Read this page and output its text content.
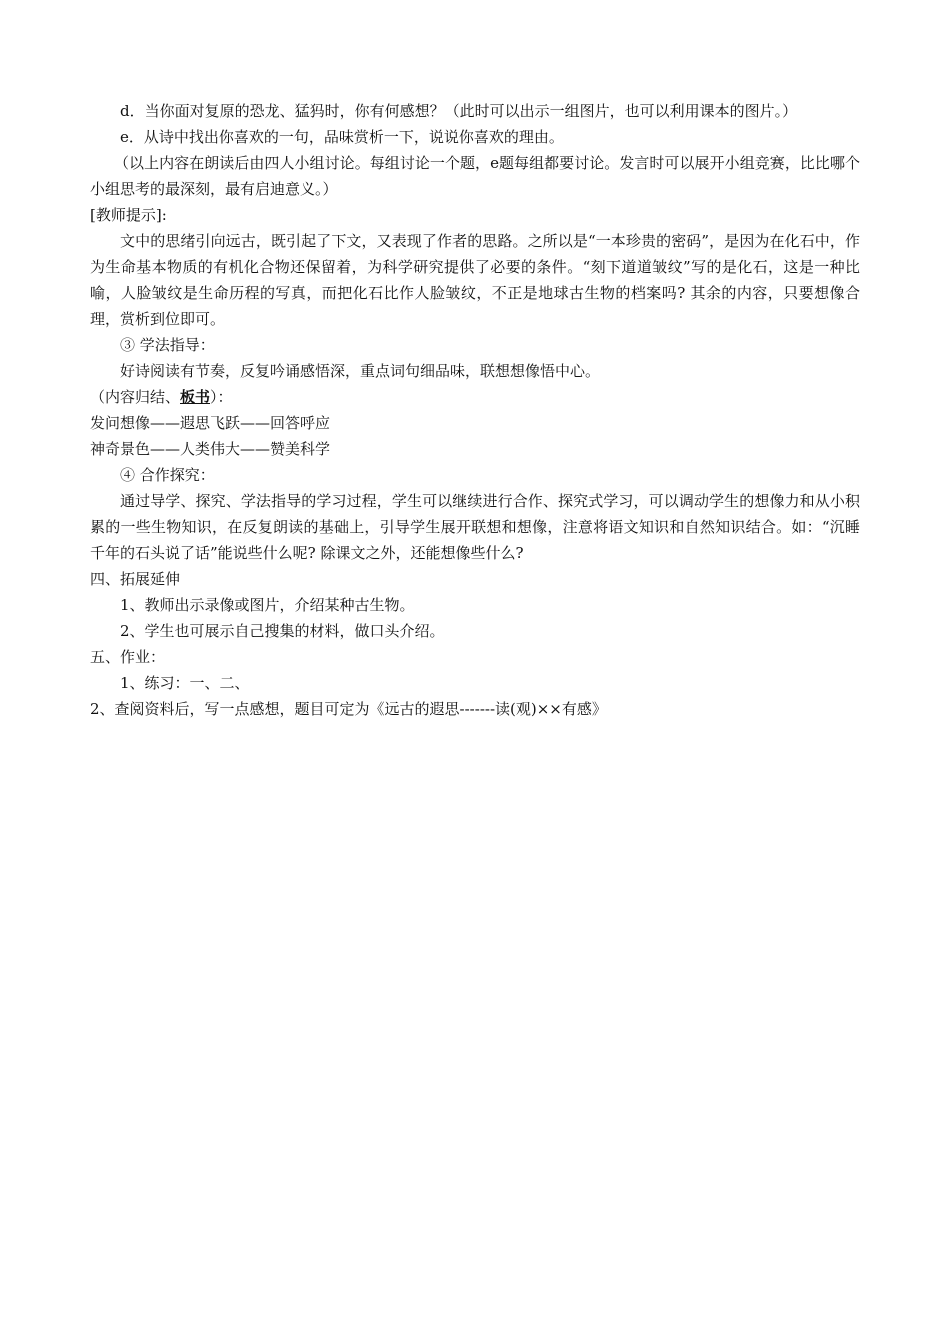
d．当你面对复原的恐龙、猛犸时，你有何感想？（此时可以出示一组图片，也可以利用课本的图片。）

e．从诗中找出你喜欢的一句，品味赏析一下，说说你喜欢的理由。

（以上内容在朗读后由四人小组讨论。每组讨论一个题，e题每组都要讨论。发言时可以展开小组竞赛，比比哪个小组思考的最深刻，最有启迪意义。）

[教师提示]:

文中的思绪引向远古，既引起了下文，又表现了作者的思路。之所以是“一本珍贵的密码”，是因为在化石中，作为生命基本物质的有机化合物还保留着，为科学研究提供了必要的条件。“刻下道道皱纹”写的是化石，这是一种比喻，人脸皱纹是生命历程的写真，而把化石比作人脸皱纹，不正是地球古生物的档案吗? 其余的内容，只要想像合理，赏析到位即可。

③ 学法指导：

好诗阅读有节奏，反复吟诵感悟深，重点词句细品味，联想想像悟中心。

（内容归结、板书）：

发问想像——遐思飞跃——回答呼应

神奇景色——人类伟大——赞美科学

④ 合作探究：

通过导学、探究、学法指导的学习过程，学生可以继续进行合作、探究式学习，可以调动学生的想像力和从小积累的一些生物知识，在反复朗读的基础上，引导学生展开联想和想像，注意将语文知识和自然知识结合。如：“沉睡千年的石头说了话”能说些什么呢? 除课文之外，还能想像些什么?

四、拓展延伸

1、教师出示录像或图片，介绍某种古生物。

2、学生也可展示自己搜集的材料，做口头介绍。

五、作业：

1、练习：一、二、

2、查阅资料后，写一点感想，题目可定为《远古的遐思-------读(观)××有感》
